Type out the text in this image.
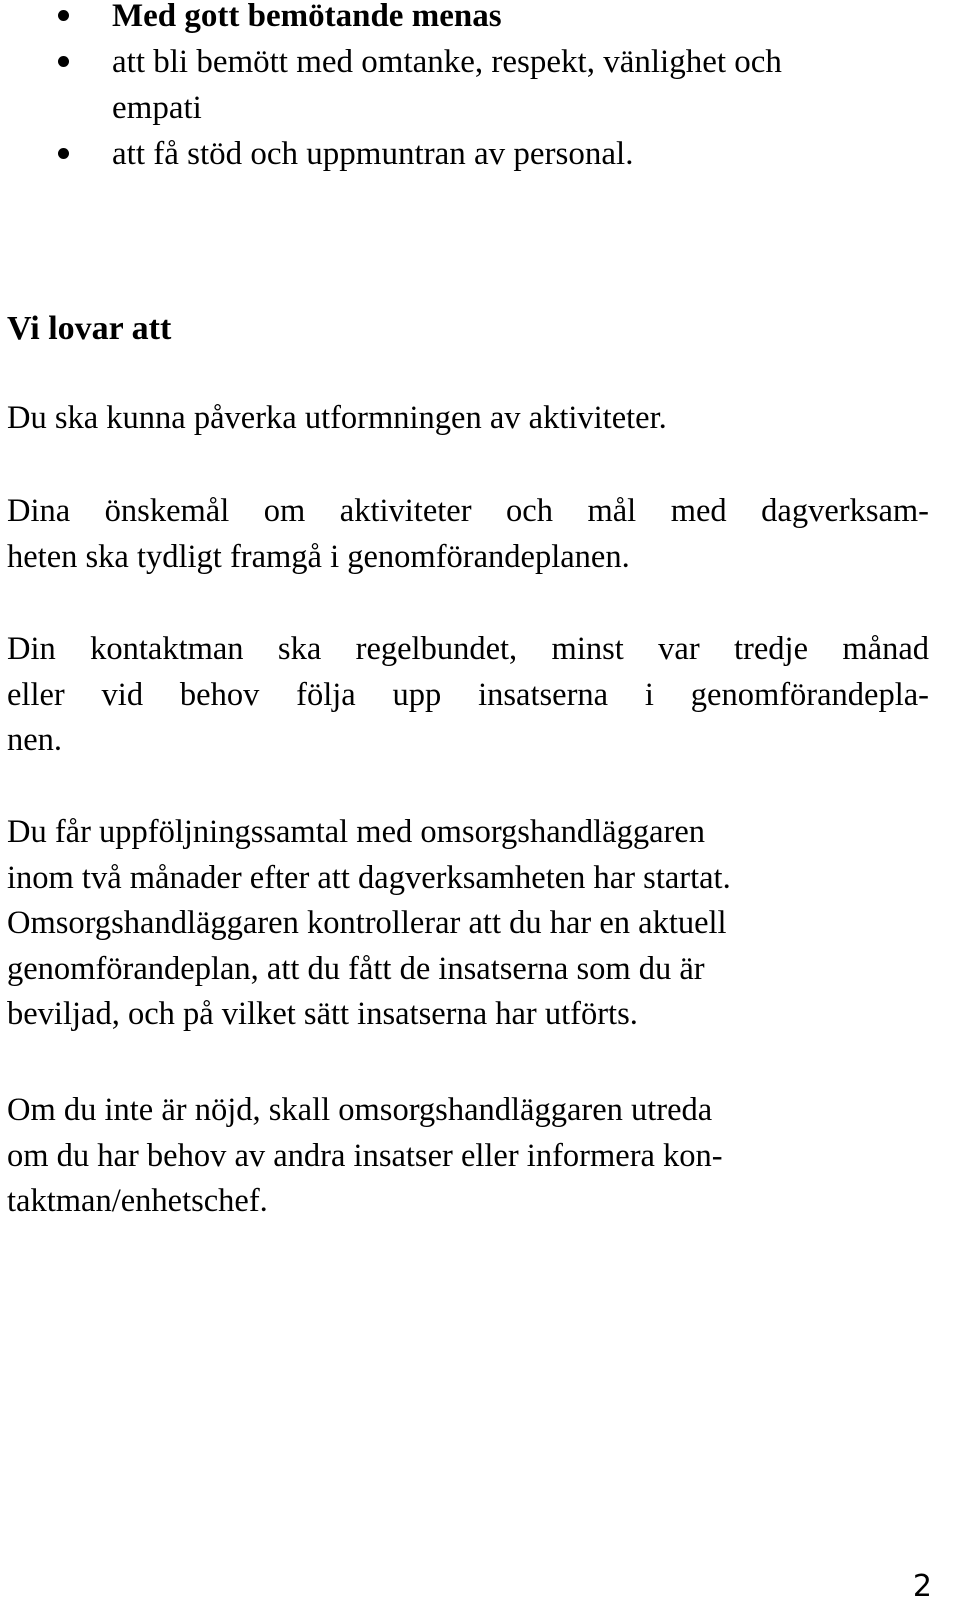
Med gott bemötande menas
att bli bemött med omtanke, respekt, vänlighet och
empati
att få stöd och uppmuntran av personal.
Vi lovar att

Du ska kunna påverka utformningen av aktiviteter.

Dina önskemål om aktiviteter och mål med dagverksam-
heten ska tydligt framgå i genomförandeplanen.

Din kontaktman ska regelbundet, minst var tredje månad
eller vid behov följa upp insatserna i genomförandepla-
nen.

Du får uppföljningssamtal med omsorgshandläggaren
inom två månader efter att dagverksamheten har startat.
Omsorgshandläggaren kontrollerar att du har en aktuell
genomförandeplan, att du fått de insatserna som du är
beviljad, och på vilket sätt insatserna har utförts.

Om du inte är nöjd, skall omsorgshandläggaren utreda
om du har behov av andra insatser eller informera kon-
taktman/enhetschef.

2
